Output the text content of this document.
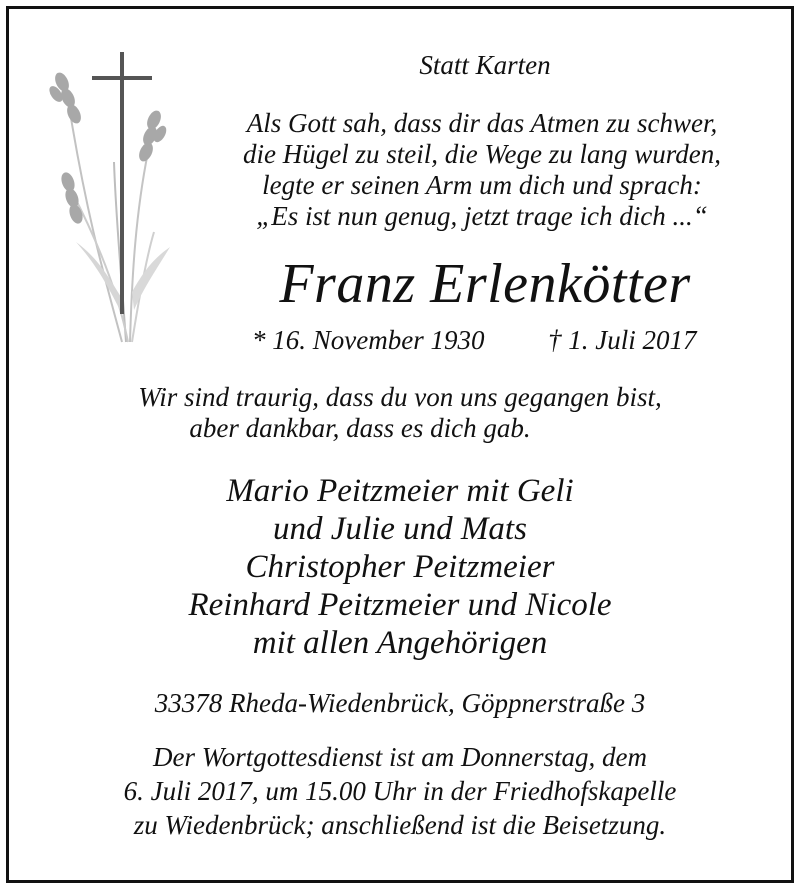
Statt Karten
Als Gott sah, dass dir das Atmen zu schwer,
die Hügel zu steil, die Wege zu lang wurden,
legte er seinen Arm um dich und sprach:
„Es ist nun genug, jetzt trage ich dich ...“
Franz Erlenkötter
* 16. November 1930	† 1. Juli 2017
Wir sind traurig, dass du von uns gegangen bist,
aber dankbar, dass es dich gab.
Mario Peitzmeier mit Geli
und Julie und Mats
Christopher Peitzmeier
Reinhard Peitzmeier und Nicole
mit allen Angehörigen
33378 Rheda-Wiedenbrück, Göppnerstraße 3
Der Wortgottesdienst ist am Donnerstag, dem
6. Juli 2017, um 15.00 Uhr in der Friedhofskapelle
zu Wiedenbrück; anschließend ist die Beisetzung.
